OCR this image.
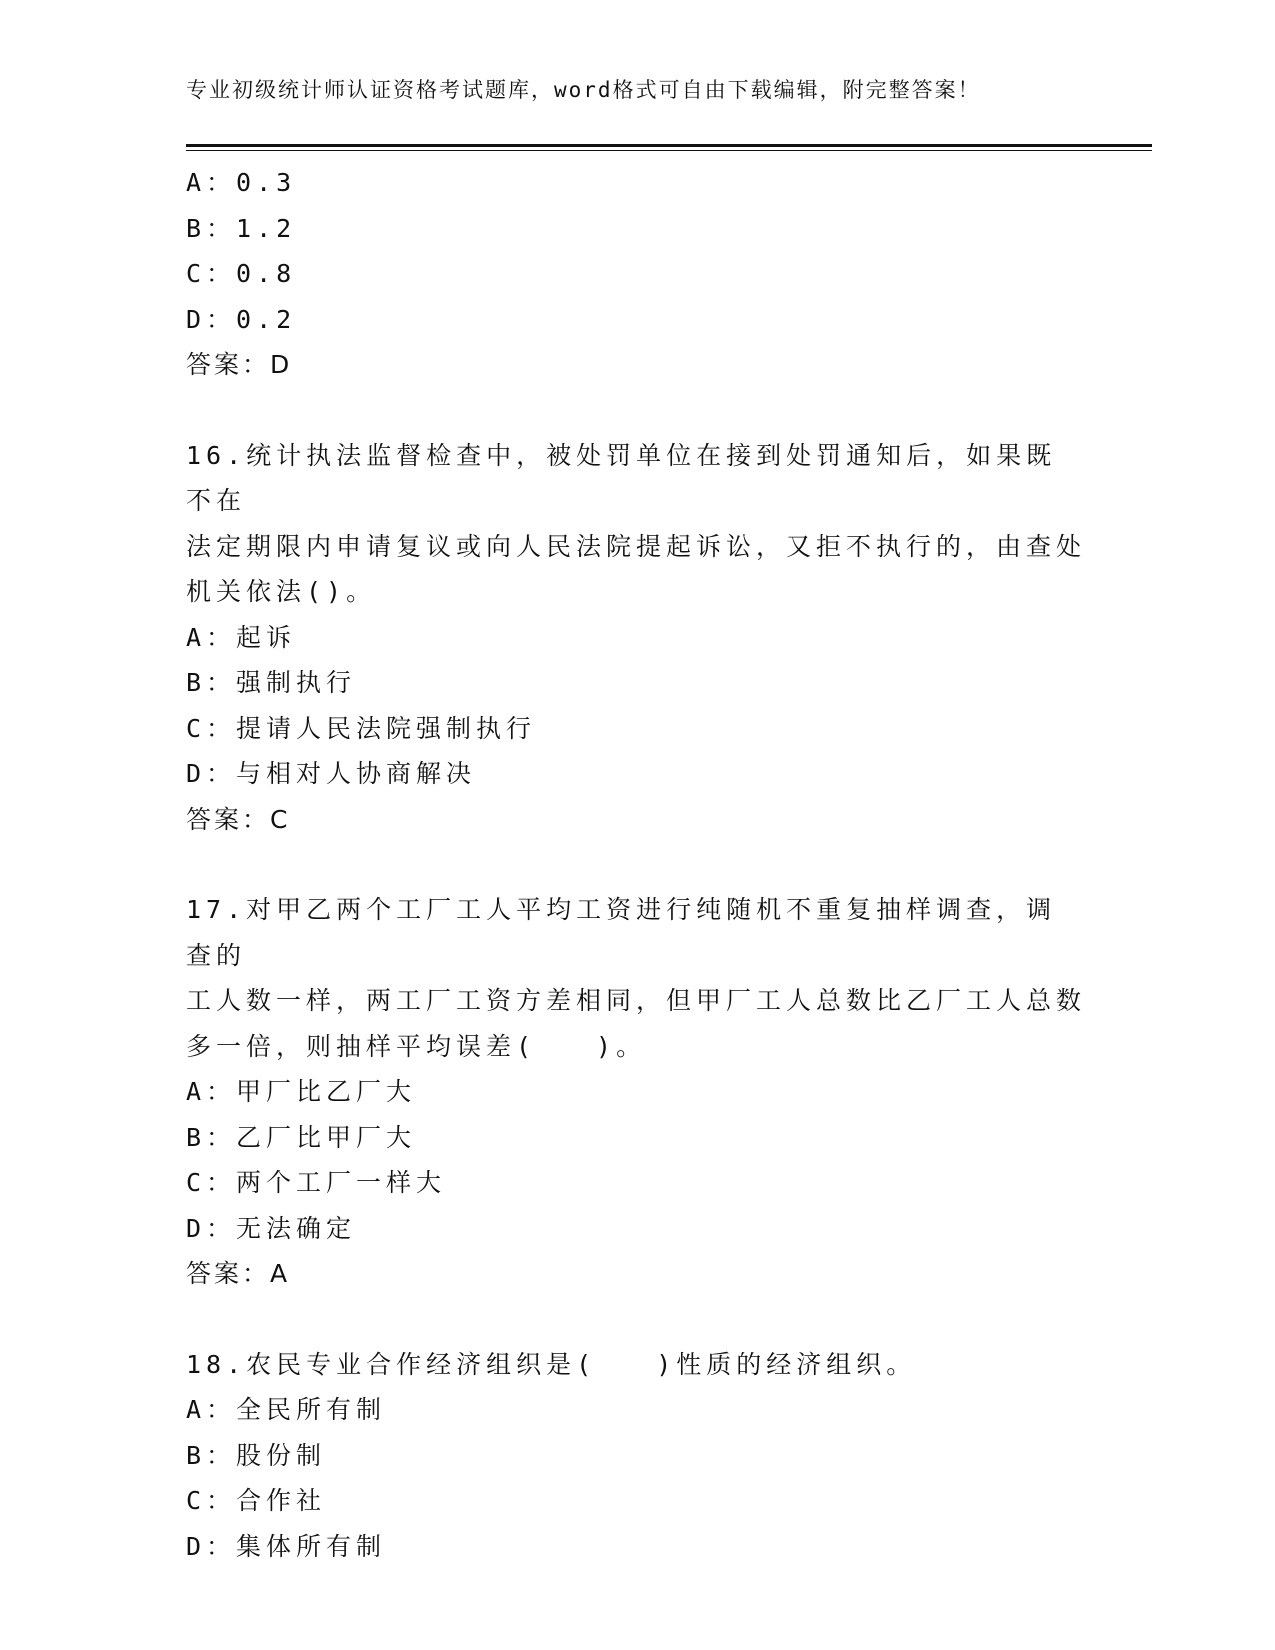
专业初级统计师认证资格考试题库，word格式可自由下载编辑，附完整答案！
A：0.3
B：1.2
C：0.8
D：0.2
答案：D
16.统计执法监督检查中，被处罚单位在接到处罚通知后，如果既不在
法定期限内申请复议或向人民法院提起诉讼，又拒不执行的，由查处
机关依法()。
A：起诉
B：强制执行
C：提请人民法院强制执行
D：与相对人协商解决
答案：C
17.对甲乙两个工厂工人平均工资进行纯随机不重复抽样调查，调查的
工人数一样，两工厂工资方差相同，但甲厂工人总数比乙厂工人总数
多一倍，则抽样平均误差(　　)。
A：甲厂比乙厂大
B：乙厂比甲厂大
C：两个工厂一样大
D：无法确定
答案：A
18.农民专业合作经济组织是(　　)性质的经济组织。
A：全民所有制
B：股份制
C：合作社
D：集体所有制
